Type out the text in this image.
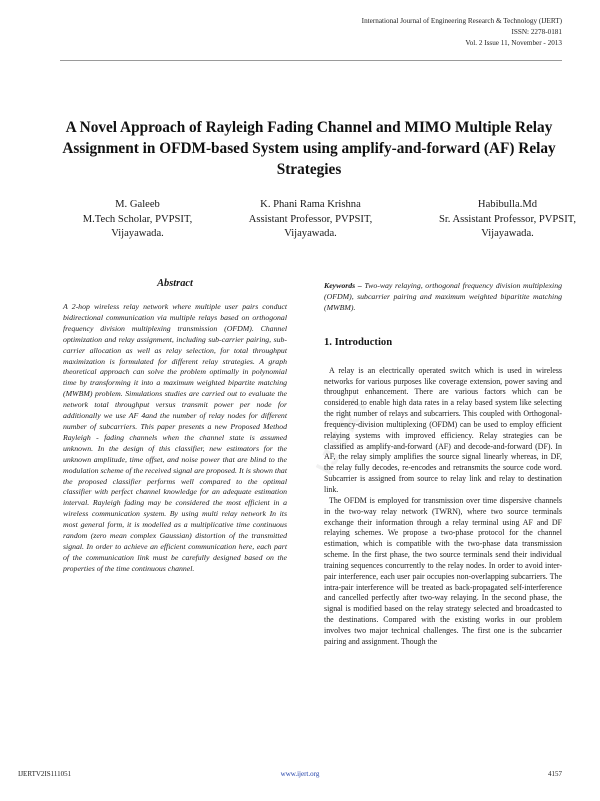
International Journal of Engineering Research & Technology (IJERT)
ISSN: 2278-0181
Vol. 2 Issue 11, November - 2013
A Novel Approach of Rayleigh Fading Channel and MIMO Multiple Relay Assignment in OFDM-based System using amplify-and-forward (AF) Relay Strategies
M. Galeeb
M.Tech Scholar, PVPSIT,
Vijayawada.
K. Phani Rama Krishna
Assistant Professor, PVPSIT,
Vijayawada.
Habibulla.Md
Sr. Assistant Professor, PVPSIT,
Vijayawada.
Abstract

A 2-hop wireless relay network where multiple user pairs conduct bidirectional communication via multiple relays based on orthogonal frequency division multiplexing transmission (OFDM). Channel optimization and relay assignment, including sub-carrier pairing, sub-carrier allocation as well as relay selection, for total throughput maximization is formulated for different relay strategies. A graph theoretical approach can solve the problem optimally in polynomial time by transforming it into a maximum weighted bipartite matching (MWBM) problem. Simulations studies are carried out to evaluate the network total throughput versus transmit power per node for additionally we use AF 4and the number of relay nodes for different number of subcarriers. This paper presents a new Proposed Method Rayleigh - fading channels when the channel state is assumed unknown. In the design of this classifier, new estimators for the unknown amplitude, time offset, and noise power that are blind to the modulation scheme of the received signal are proposed. It is shown that the proposed classifier performs well compared to the optimal classifier with perfect channel knowledge for an adequate estimation interval. Rayleigh fading may be considered the most efficient in a wireless communication system. By using multi relay network In its most general form, it is modelled as a multiplicative time continuous random (zero mean complex Gaussian) distortion of the transmitted signal. In order to achieve an efficient communication here, each part of the communication link must be carefully designed based on the properties of the time continuous channel.

Keywords – Two-way relaying, orthogonal frequency division multiplexing (OFDM), subcarrier pairing and maximum weighted biparitite matching (MWBM).

1. Introduction

A relay is an electrically operated switch which is used in wireless networks for various purposes like coverage extension, power saving and throughput enhancement. There are various factors which can be considered to enable high data rates in a relay based system like selecting the right number of relays and subcarriers. This coupled with Orthogonal-frequency-division multiplexing (OFDM) can be used to employ efficient relaying systems with improved efficiency. Relay strategies can be classified as amplify-and-forward (AF) and decode-and-forward (DF). In AF, the relay simply amplifies the source signal linearly whereas, in DF, the relay fully decodes, re-encodes and retransmits the source code word. Subcarrier is assigned from source to relay link and relay to destination link.

The OFDM is employed for transmission over time dispersive channels in the two-way relay network (TWRN), where two source terminals exchange their information through a relay terminal using AF and DF relaying schemes. We propose a two-phase protocol for the channel estimation, which is compatible with the two-phase data transmission scheme. In the first phase, the two source terminals send their individual training sequences concurrently to the relay nodes. In order to avoid inter-pair interference, each user pair occupies non-overlapping subcarriers. The intra-pair interference will be treated as back-propagated self-interference and cancelled perfectly after two-way relaying. In the second phase, the signal is modified based on the relay strategy selected and broadcasted to the destinations. Compared with the existing works in our problem involves two major technical challenges. The first one is the subcarrier pairing and assignment. Though the

IJERT
IJERTV2IS111051	www.ijert.org	4157
